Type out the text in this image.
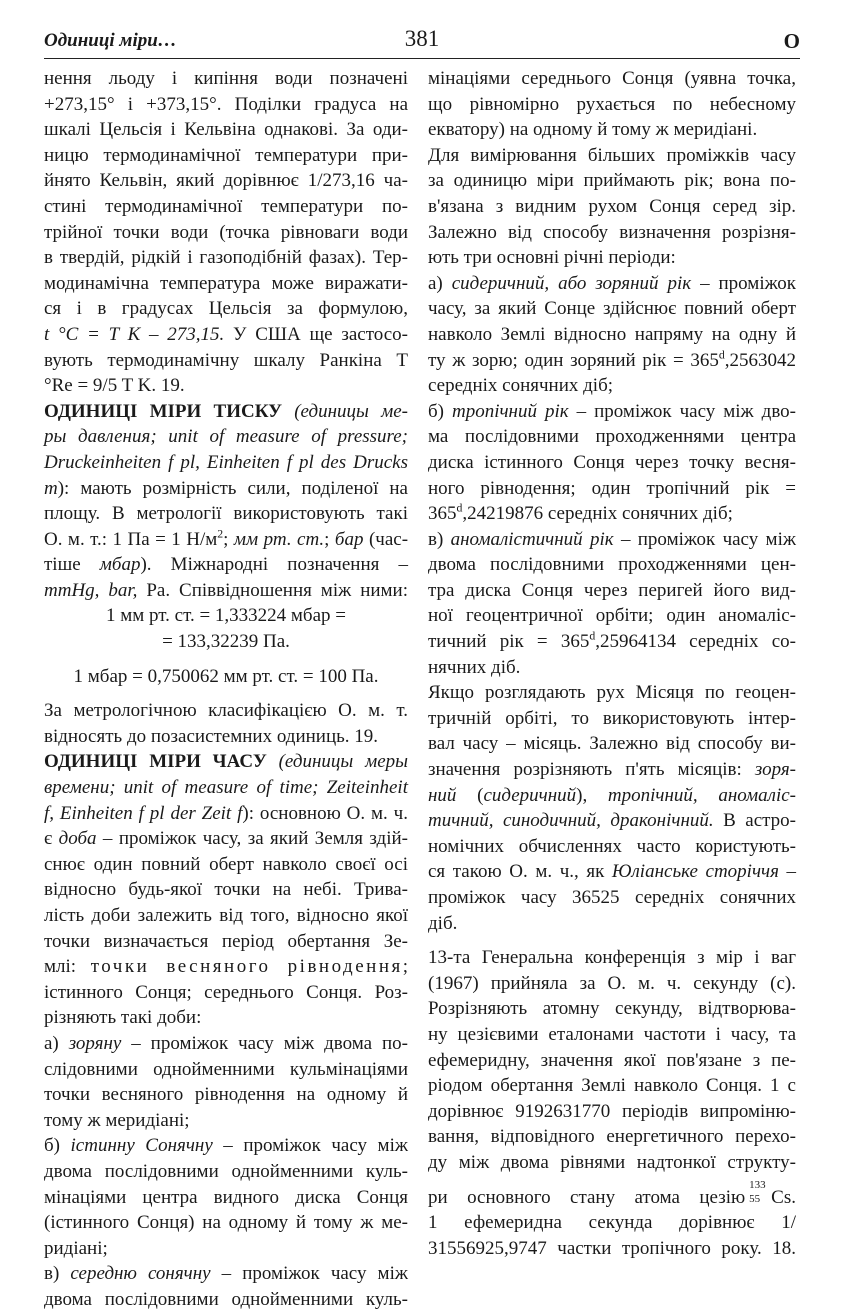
Одиниці міри…	381	О
нення льоду і кипіння води позначені
+273,15° і +373,15°. Поділки градуса на
шкалі Цельсія і Кельвіна однакові. За оди-
ницю термодинамічної температури при-
йнято Кельвін, який дорівнює 1/273,16 ча-
стині термодинамічної температури по-
трійної точки води (точка рівноваги води
в твердій, рідкій і газоподібній фазах). Тер-
модинамічна температура може виражати-
ся і в градусах Цельсія за формулою,
t °C = T K – 273,15. У США ще застосо-
вують термодинамічну шкалу Ранкіна T
°Re = 9/5 T K. 19.
ОДИНИЦІ МІРИ ТИСКУ (единицы ме-
ры давления; unit of measure of pressure;
Druckeinheiten f pl, Einheiten f pl des Drucks
m): мають розмірність сили, поділеної на
площу. В метрології використовують такі
О. м. т.: 1 Па = 1 $Н/м^2$; мм рт. ст.; бар (час-
тіше мбар). Міжнародні позначення –
mmHg, bar, Pa. Співвідношення між ними:
1 мм рт. ст. = 1,333224 мбар =
= 133,32239 Па.
1 мбар = 0,750062 мм рт. ст. = 100 Па.
За метрологічною класифікацією О. м. т.
відносять до позасистемних одиниць. 19.
ОДИНИЦІ МІРИ ЧАСУ (единицы меры
времени; unit of measure of time; Zeiteinheit
f, Einheiten f pl der Zeit f): основною О. м. ч.
є доба – проміжок часу, за який Земля здій-
снює один повний оберт навколо своєї осі
відносно будь-якої точки на небі. Трива-
лість доби залежить від того, відносно якої
точки визначається період обертання Зе-
млі: точки весняного рівнодення;
істинного Сонця; середнього Сонця. Роз-
різняють такі доби:
а) зоряну – проміжок часу між двома по-
слідовними однойменними кульмінаціями
точки весняного рівнодення на одному й
тому ж меридіані;
б) істинну Сонячну – проміжок часу між
двома послідовними однойменними куль-
мінаціями центра видного диска Сонця
(істинного Сонця) на одному й тому ж ме-
ридіані;
в) середню сонячну – проміжок часу між
двома послідовними однойменними куль-
мінаціями середнього Сонця (уявна точка,
що рівномірно рухається по небесному
екватору) на одному й тому ж меридіані.
Для вимірювання більших проміжків часу
за одиницю міри приймають рік; вона по-
в'язана з видним рухом Сонця серед зір.
Залежно від способу визначення розрізня-
ють три основні річні періоди:
а) сидеричний, або зоряний рік – проміжок
часу, за який Сонце здійснює повний оберт
навколо Землі відносно напряму на одну й
ту ж зорю; один зоряний рік = $365^d,2563042$
середніх сонячних діб;
б) тропічний рік – проміжок часу між дво-
ма послідовними проходженнями центра
диска істинного Сонця через точку весня-
ного рівнодення; один тропічний рік =
$365^d,24219876$ середніх сонячних діб;
в) аномалістичний рік – проміжок часу між
двома послідовними проходженнями цен-
тра диска Сонця через перигей його вид-
ної геоцентричної орбіти; один аномаліс-
тичний рік = $365^d,25964134$ середніх со-
нячних діб.
Якщо розглядають рух Місяця по геоцен-
тричній орбіті, то використовують інтер-
вал часу – місяць. Залежно від способу ви-
значення розрізняють п'ять місяців: зоря-
ний (сидеричний), тропічний, аномаліс-
тичний, синодичний, драконічний. В астро-
номічних обчисленнях часто користують-
ся такою О. м. ч., як Юліанське сторіччя –
проміжок часу 36525 середніх сонячних
діб.
13-та Генеральна конференція з мір і ваг
(1967) прийняла за О. м. ч. секунду (с).
Розрізняють атомну секунду, відтворюва-
ну цезієвими еталонами частоти і часу, та
ефемеридну, значення якої пов'язане з пе-
ріодом обертання Землі навколо Сонця. 1 с
дорівнює 9192631770 періодів випроміню-
вання, відповідного енергетичного перехо-
ду між двома рівнями надтонкої структу-
ри основного стану атома цезію
133
55 Cs.
1 ефемеридна секунда дорівнює 1/
31556925,9747 частки тропічного року. 18.
